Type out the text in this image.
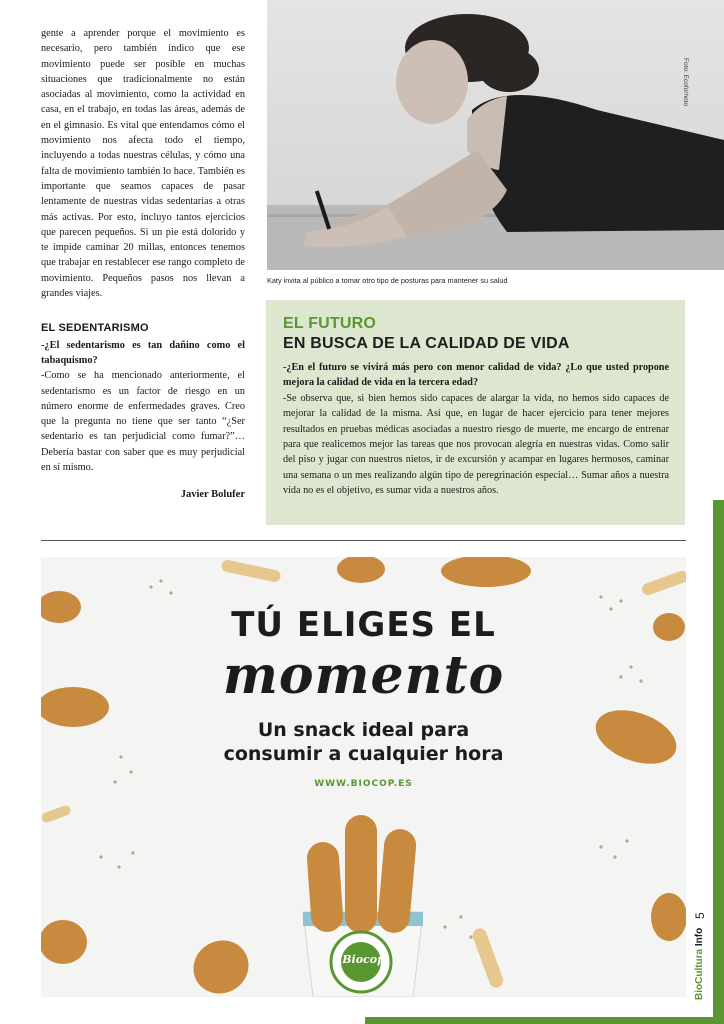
gente a aprender porque el movimiento es necesario, pero también indico que ese movimiento puede ser posible en muchas situaciones que tradicionalmente no están asociadas al movimiento, como la actividad en casa, en el trabajo, en todas las áreas, además de en el gimnasio. Es vital que entendamos cómo el movimiento nos afecta todo el tiempo, incluyendo a todas nuestras células, y cómo una falta de movimiento también lo hace. También es importante que seamos capaces de pasar lentamente de nuestras vidas sedentarias a otras más activas. Por esto, incluyo tantos ejercicios que parecen pequeños. Si un pie está dolorido y te impide caminar 20 millas, entonces tenemos que trabajar en restablecer ese rango completo de movimiento. Pequeños pasos nos llevan a grandes viajes.

EL SEDENTARISMO

-¿El sedentarismo es tan dañino como el tabaquismo?

-Como se ha mencionado anteriormente, el sedentarismo es un factor de riesgo en un número enorme de enfermedades graves. Creo que la pregunta no tiene que ser tanto “¿Ser sedentario es tan perjudicial como fumar?”… Debería bastar con saber que es muy perjudicial en sí mismo.

Javier Bolufer
Foto: Ecoforhoto
Katy invita al público a tomar otro tipo de posturas para mantener su salud
EL FUTURO
EN BUSCA DE LA CALIDAD DE VIDA

-¿En el futuro se vivirá más pero con menor calidad de vida? ¿Lo que usted propone mejora la calidad de vida en la tercera edad?

-Se observa que, si bien hemos sido capaces de alargar la vida, no hemos sido capaces de mejorar la calidad de la misma. Así que, en lugar de hacer ejercicio para tener mejores resultados en pruebas médicas asociadas a nuestro riesgo de muerte, me encargo de entrenar para que realicemos mejor las tareas que nos provocan alegría en nuestras vidas. Como salir del piso y jugar con nuestros nietos, ir de excursión y acampar en lugares hermosos, caminar una semana o un mes realizando algún tipo de peregrinación especial… Sumar años a nuestra vida no es el objetivo, es sumar vida a nuestros años.

TÚ ELIGES EL
momento
Un snack ideal para
consumir a cualquier hora
WWW.BIOCOP.ES
Biocop	BioCultura Info 5
